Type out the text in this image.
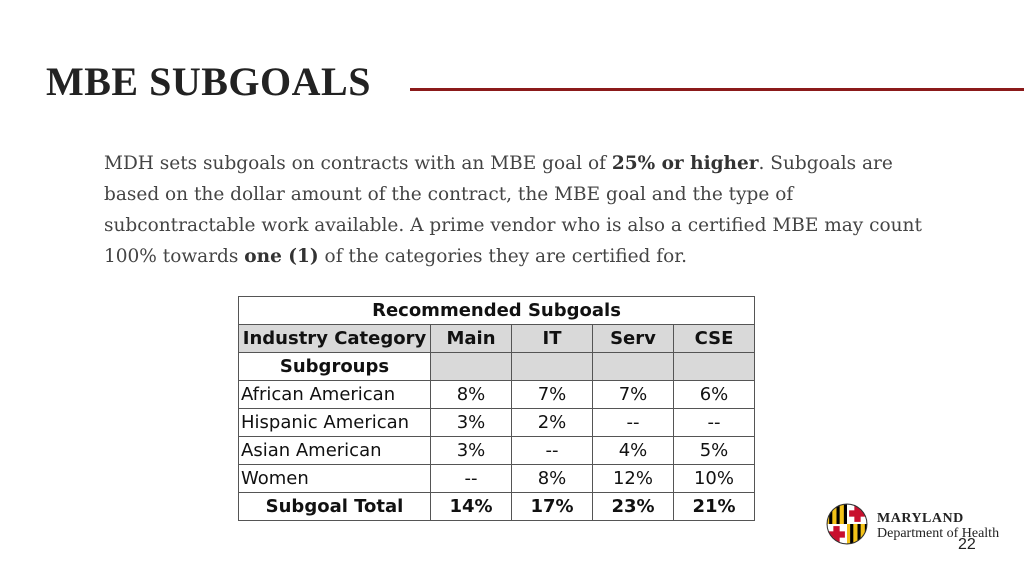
MBE SUBGOALS
MDH sets subgoals on contracts with an MBE goal of 25% or higher. Subgoals are based on the dollar amount of the contract, the MBE goal and the type of subcontractable work available. A prime vendor who is also a certified MBE may count 100% towards one (1) of the categories they are certified for.
Recommended Subgoals				
Industry Category	Main	IT	Serv	CSE
Subgroups				
African American	8%	7%	7%	6%
Hispanic American	3%	2%	--	--
Asian American	3%	--	4%	5%
Women	--	8%	12%	10%
Subgoal Total	14%	17%	23%	21%
MARYLAND
Department of Health
22
